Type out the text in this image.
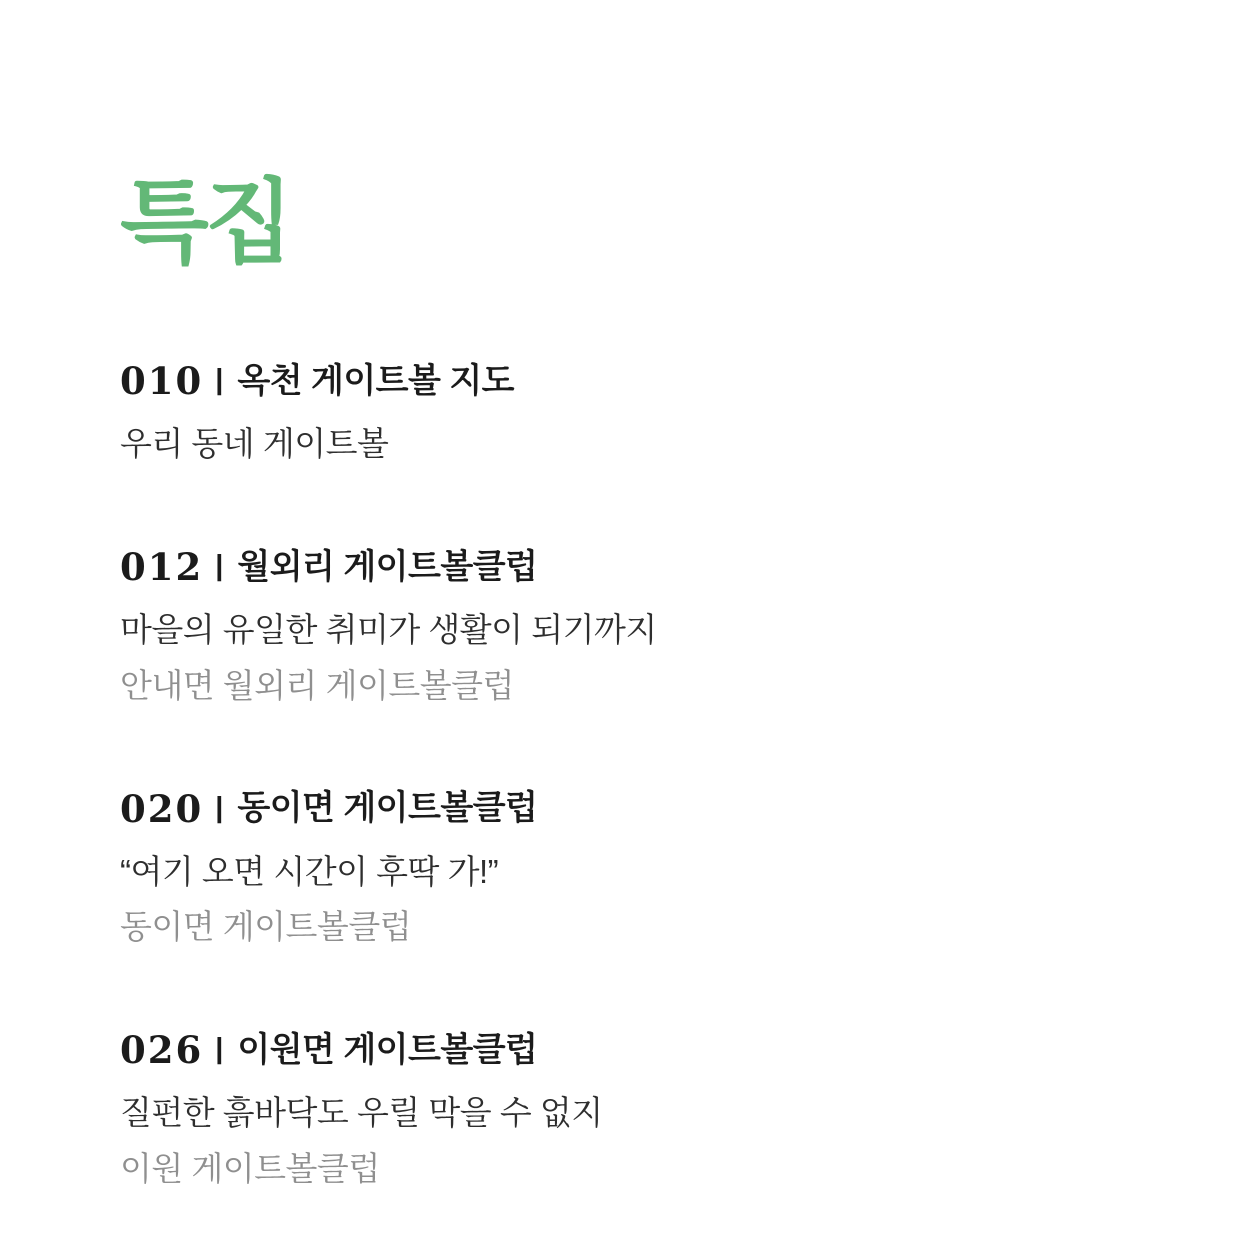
특집
010 | 옥천 게이트볼 지도
우리 동네 게이트볼
012 | 월외리 게이트볼클럽
마을의 유일한 취미가 생활이 되기까지
안내면 월외리 게이트볼클럽
020 | 동이면 게이트볼클럽
“여기 오면 시간이 후딱 가!”
동이면 게이트볼클럽
026 | 이원면 게이트볼클럽
질펀한 흙바닥도 우릴 막을 수 없지
이원 게이트볼클럽
